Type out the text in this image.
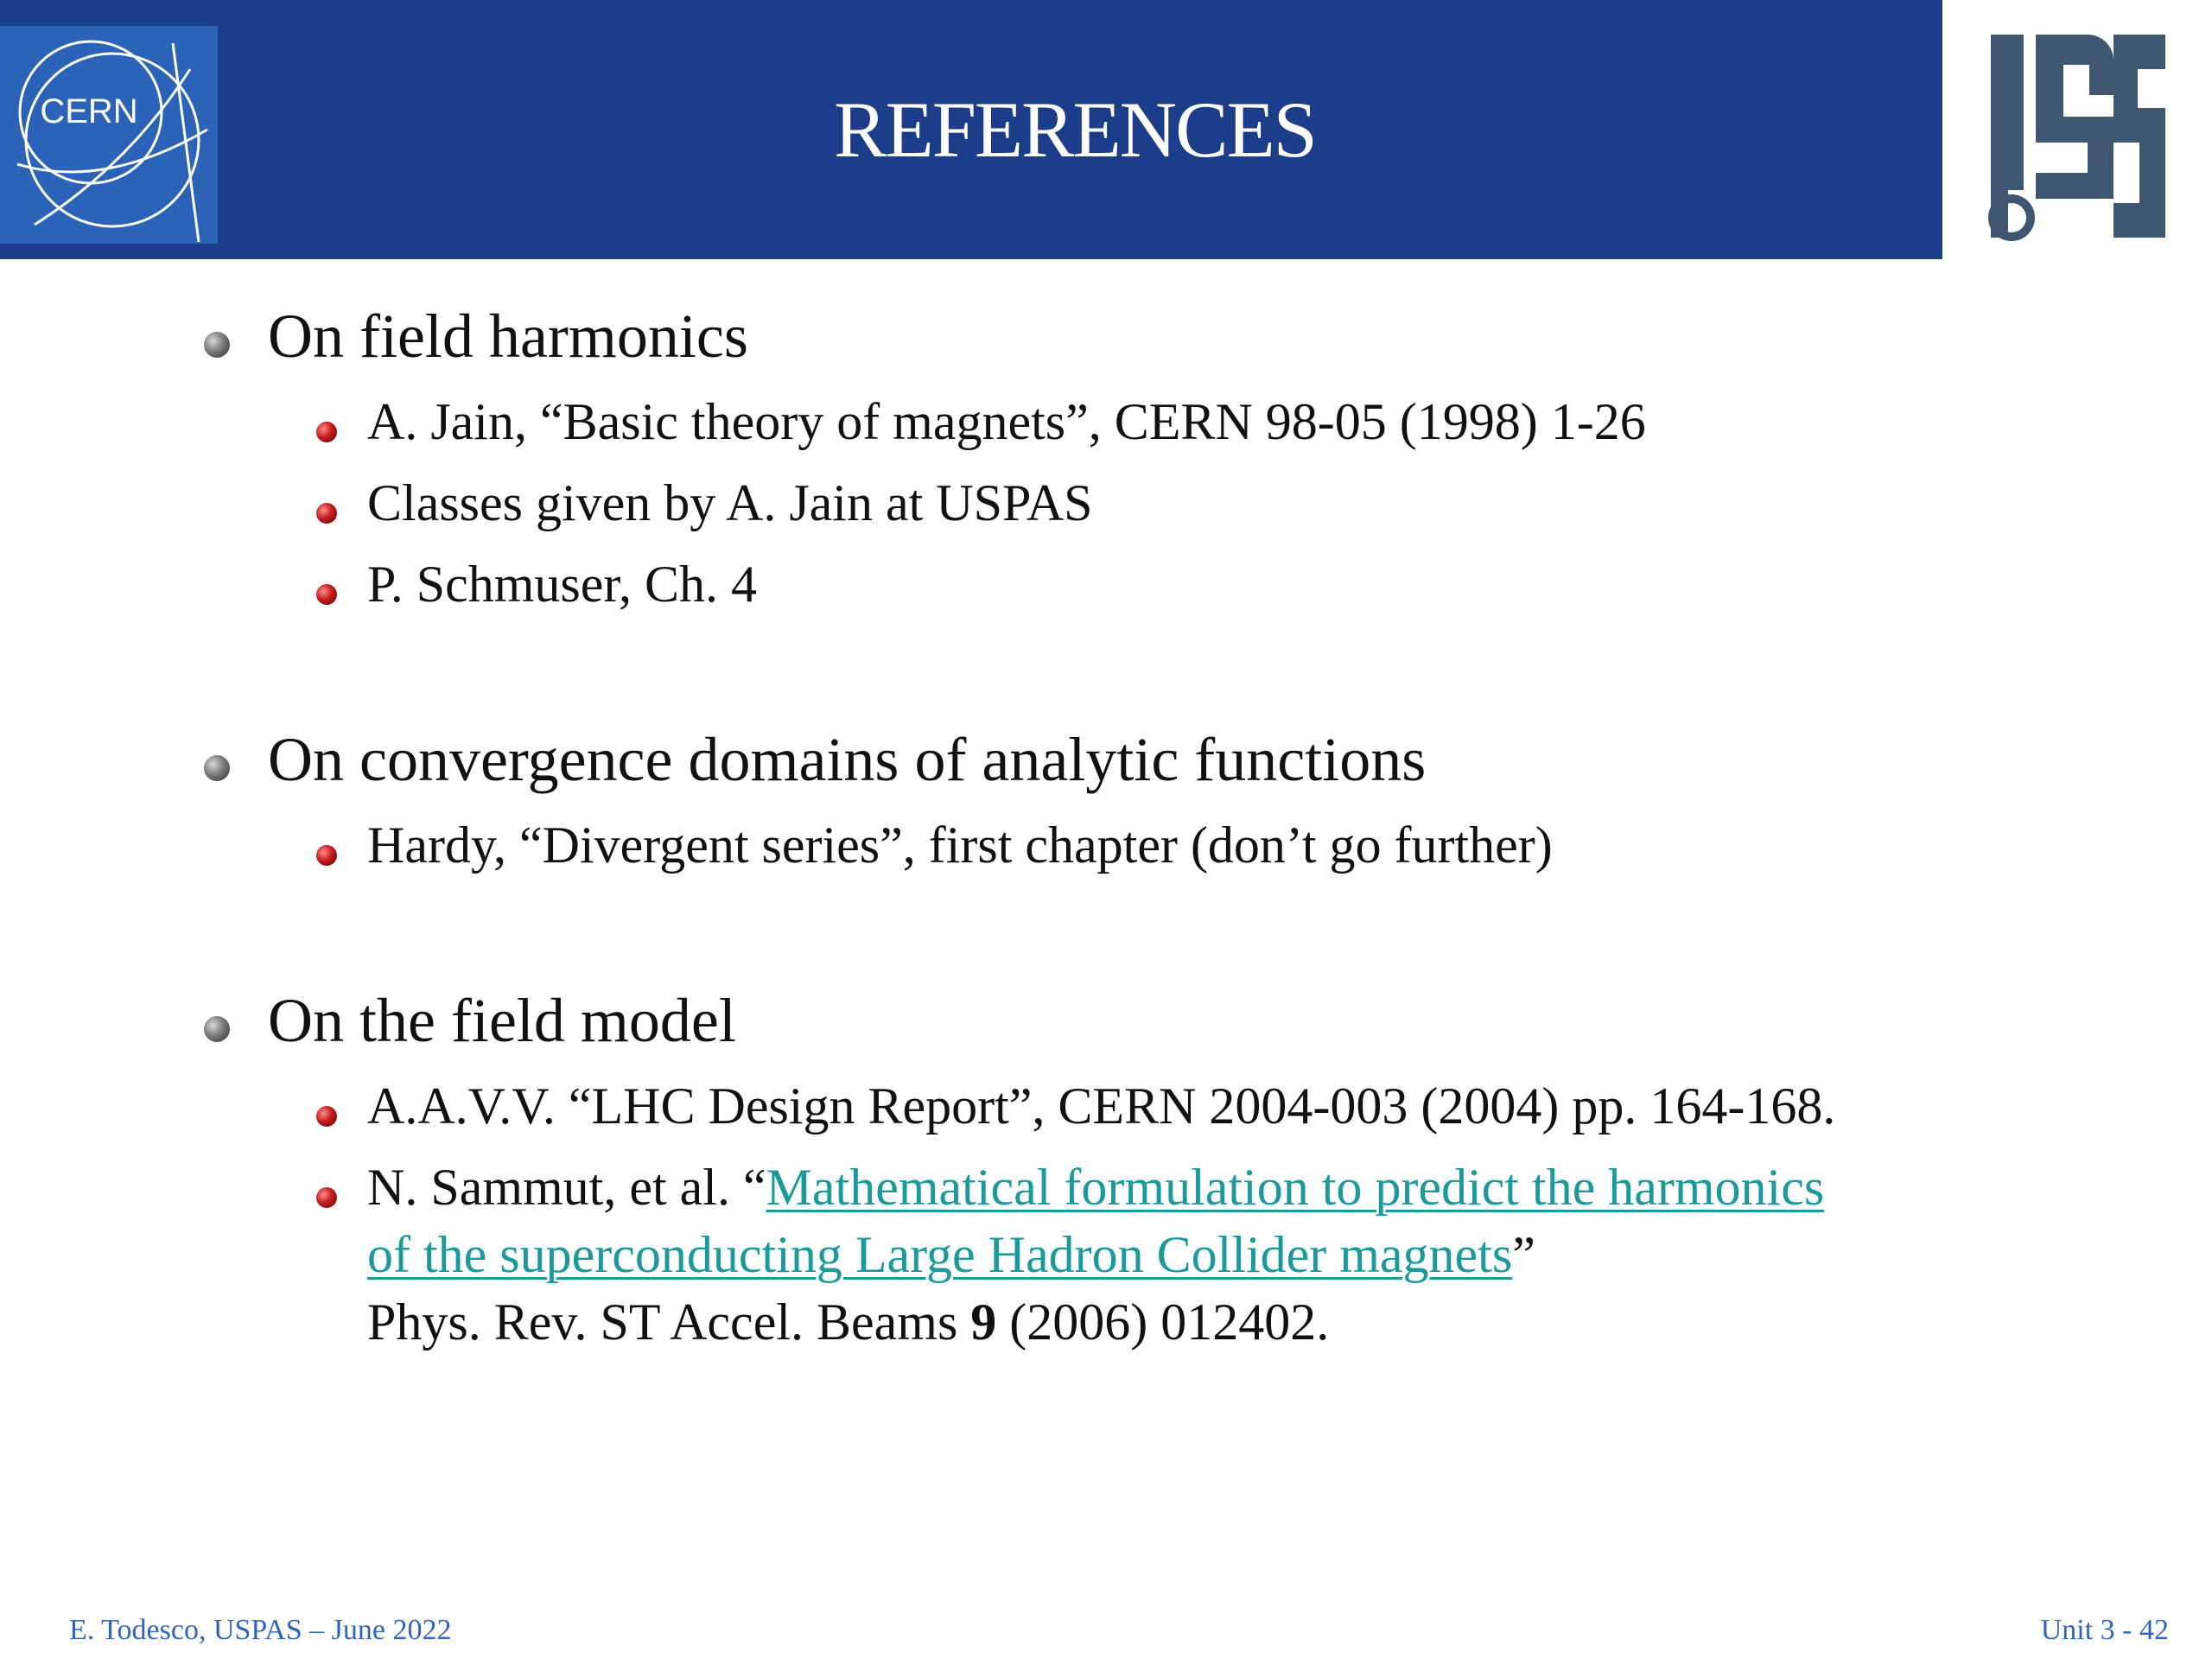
CERN	REFERENCES
On field harmonics
A. Jain, “Basic theory of magnets”, CERN 98-05 (1998) 1-26
Classes given by A. Jain at USPAS
P. Schmuser, Ch. 4
On convergence domains of analytic functions
Hardy, “Divergent series”, first chapter (don’t go further)
On the field model
A.A.V.V. “LHC Design Report”, CERN 2004-003 (2004) pp. 164-168.
N. Sammut, et al. “Mathematical formulation to predict the harmonics
of the superconducting Large Hadron Collider magnets”
Phys. Rev. ST Accel. Beams 9 (2006) 012402.
E. Todesco, USPAS – June 2022	Unit 3 - 42
